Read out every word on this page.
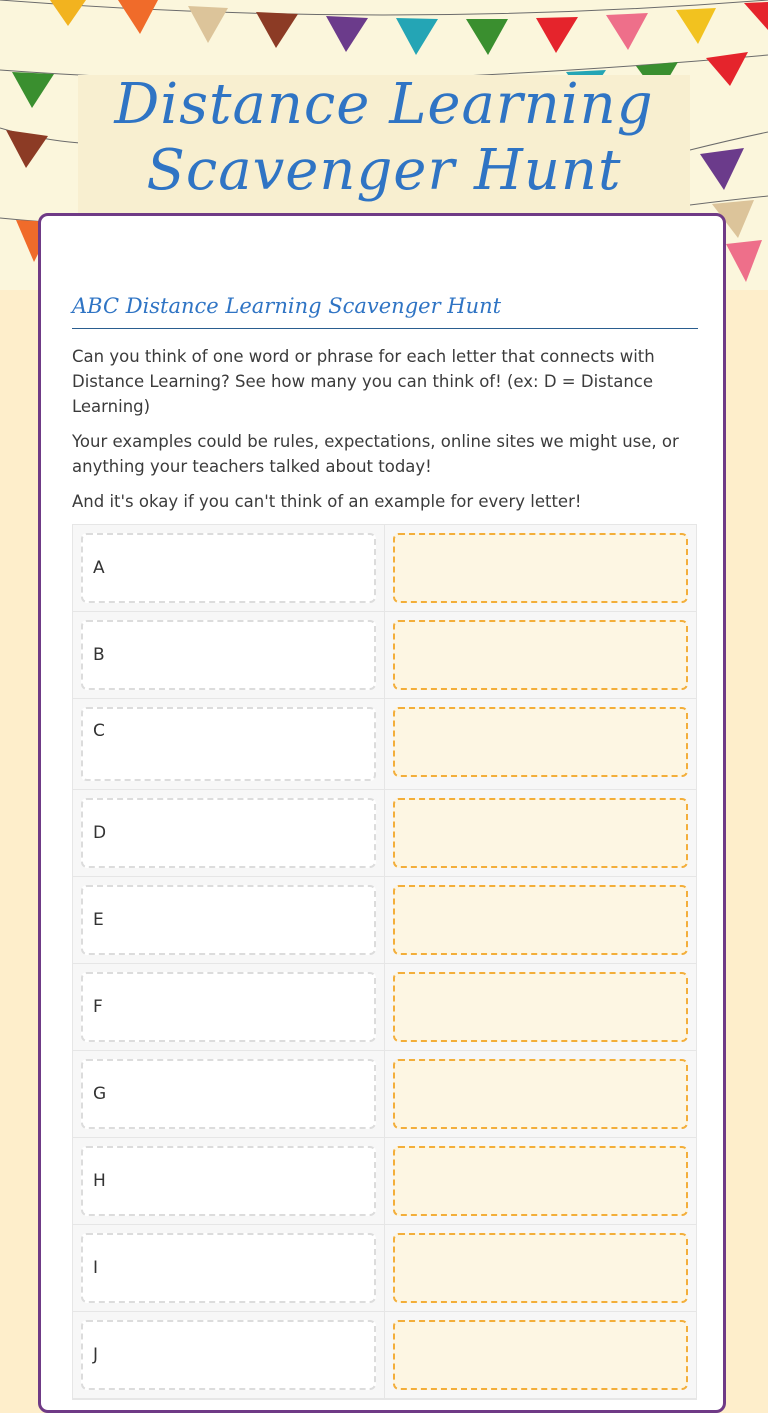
Distance Learning
Scavenger Hunt
ABC Distance Learning Scavenger Hunt

Can you think of one word or phrase for each letter that connects with Distance Learning? See how many you can think of! (ex: D = Distance Learning)

Your examples could be rules, expectations, online sites we might use, or anything your teachers talked about today!

And it's okay if you can't think of an example for every letter!

A
B
C
D
E
F
G
H
I
J
